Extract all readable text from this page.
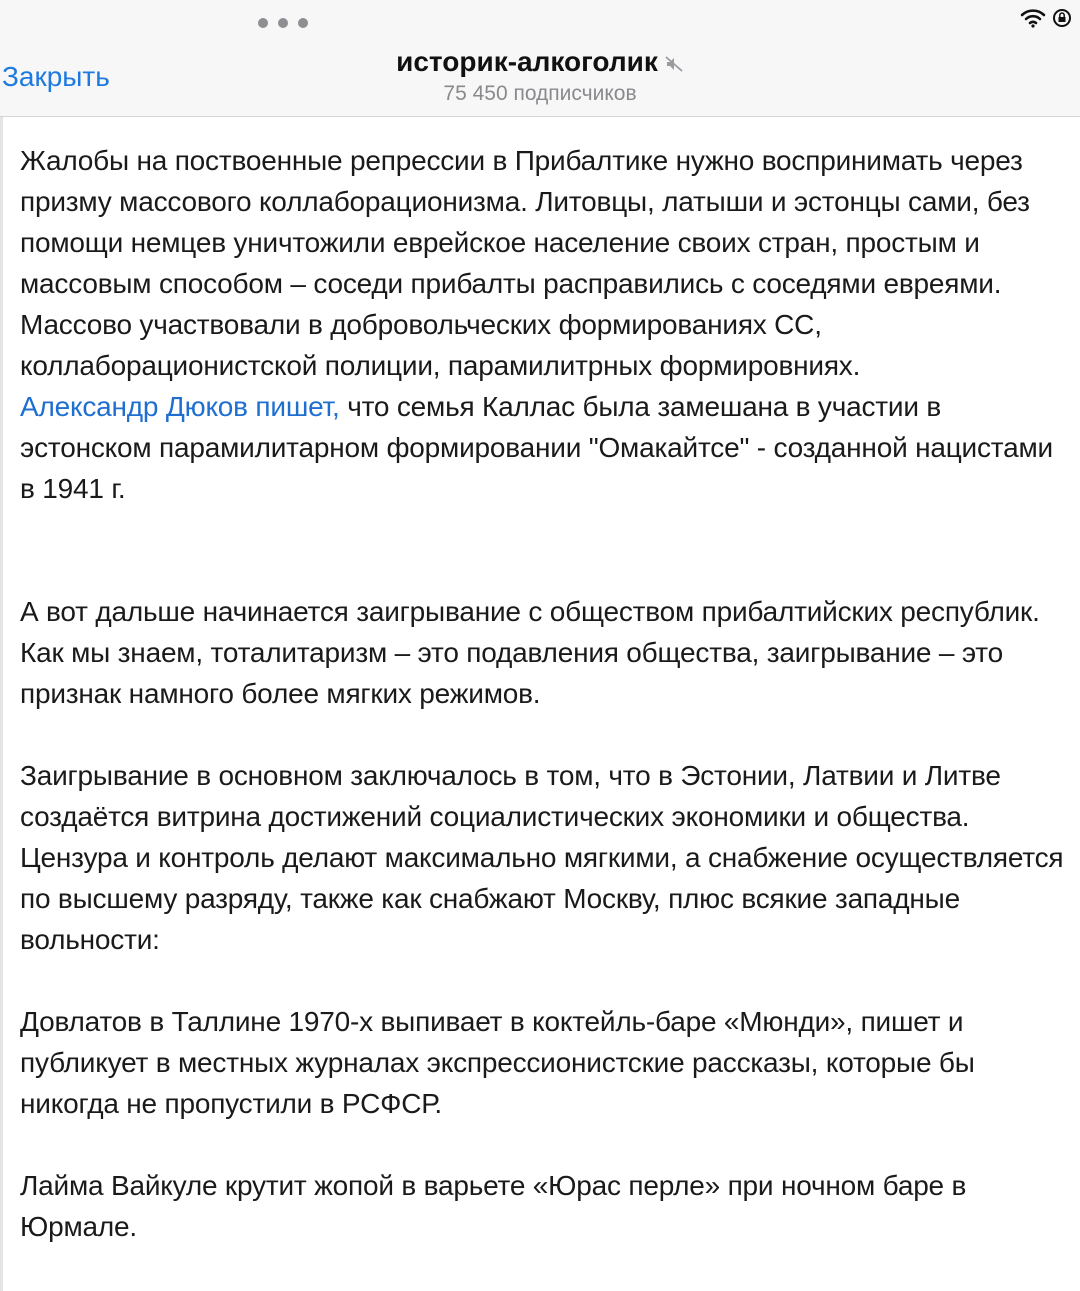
Закрыть	историк-алкоголик
75 450 подписчиков

Жалобы на поствоенные репрессии в Прибалтике нужно воспринимать через призму массового коллаборационизма. Литовцы, латыши и эстонцы сами, без помощи немцев уничтожили еврейское население своих стран, простым и массовым способом – соседи прибалты расправились с соседями евреями. Массово участвовали в добровольческих формированиях СС, коллаборационистской полиции, парамилитрных формировниях.

Александр Дюков пишет, что семья Каллас была замешана в участии в эстонском парамилитарном формировании "Омакайтсе" - созданной нацистами в 1941 г.

А вот дальше начинается заигрывание с обществом прибалтийских республик. Как мы знаем, тоталитаризм – это подавления общества, заигрывание – это признак намного более мягких режимов.

Заигрывание в основном заключалось в том, что в Эстонии, Латвии и Литве создаётся витрина достижений социалистических экономики и общества. Цензура и контроль делают максимально мягкими, а снабжение осуществляется по высшему разряду, также как снабжают Москву, плюс всякие западные вольности:

Довлатов в Таллине 1970-х выпивает в коктейль-баре «Мюнди», пишет и публикует в местных журналах экспрессионистские рассказы, которые бы никогда не пропустили в РСФСР.

Лайма Вайкуле крутит жопой в варьете «Юрас перле» при ночном баре в Юрмале.
